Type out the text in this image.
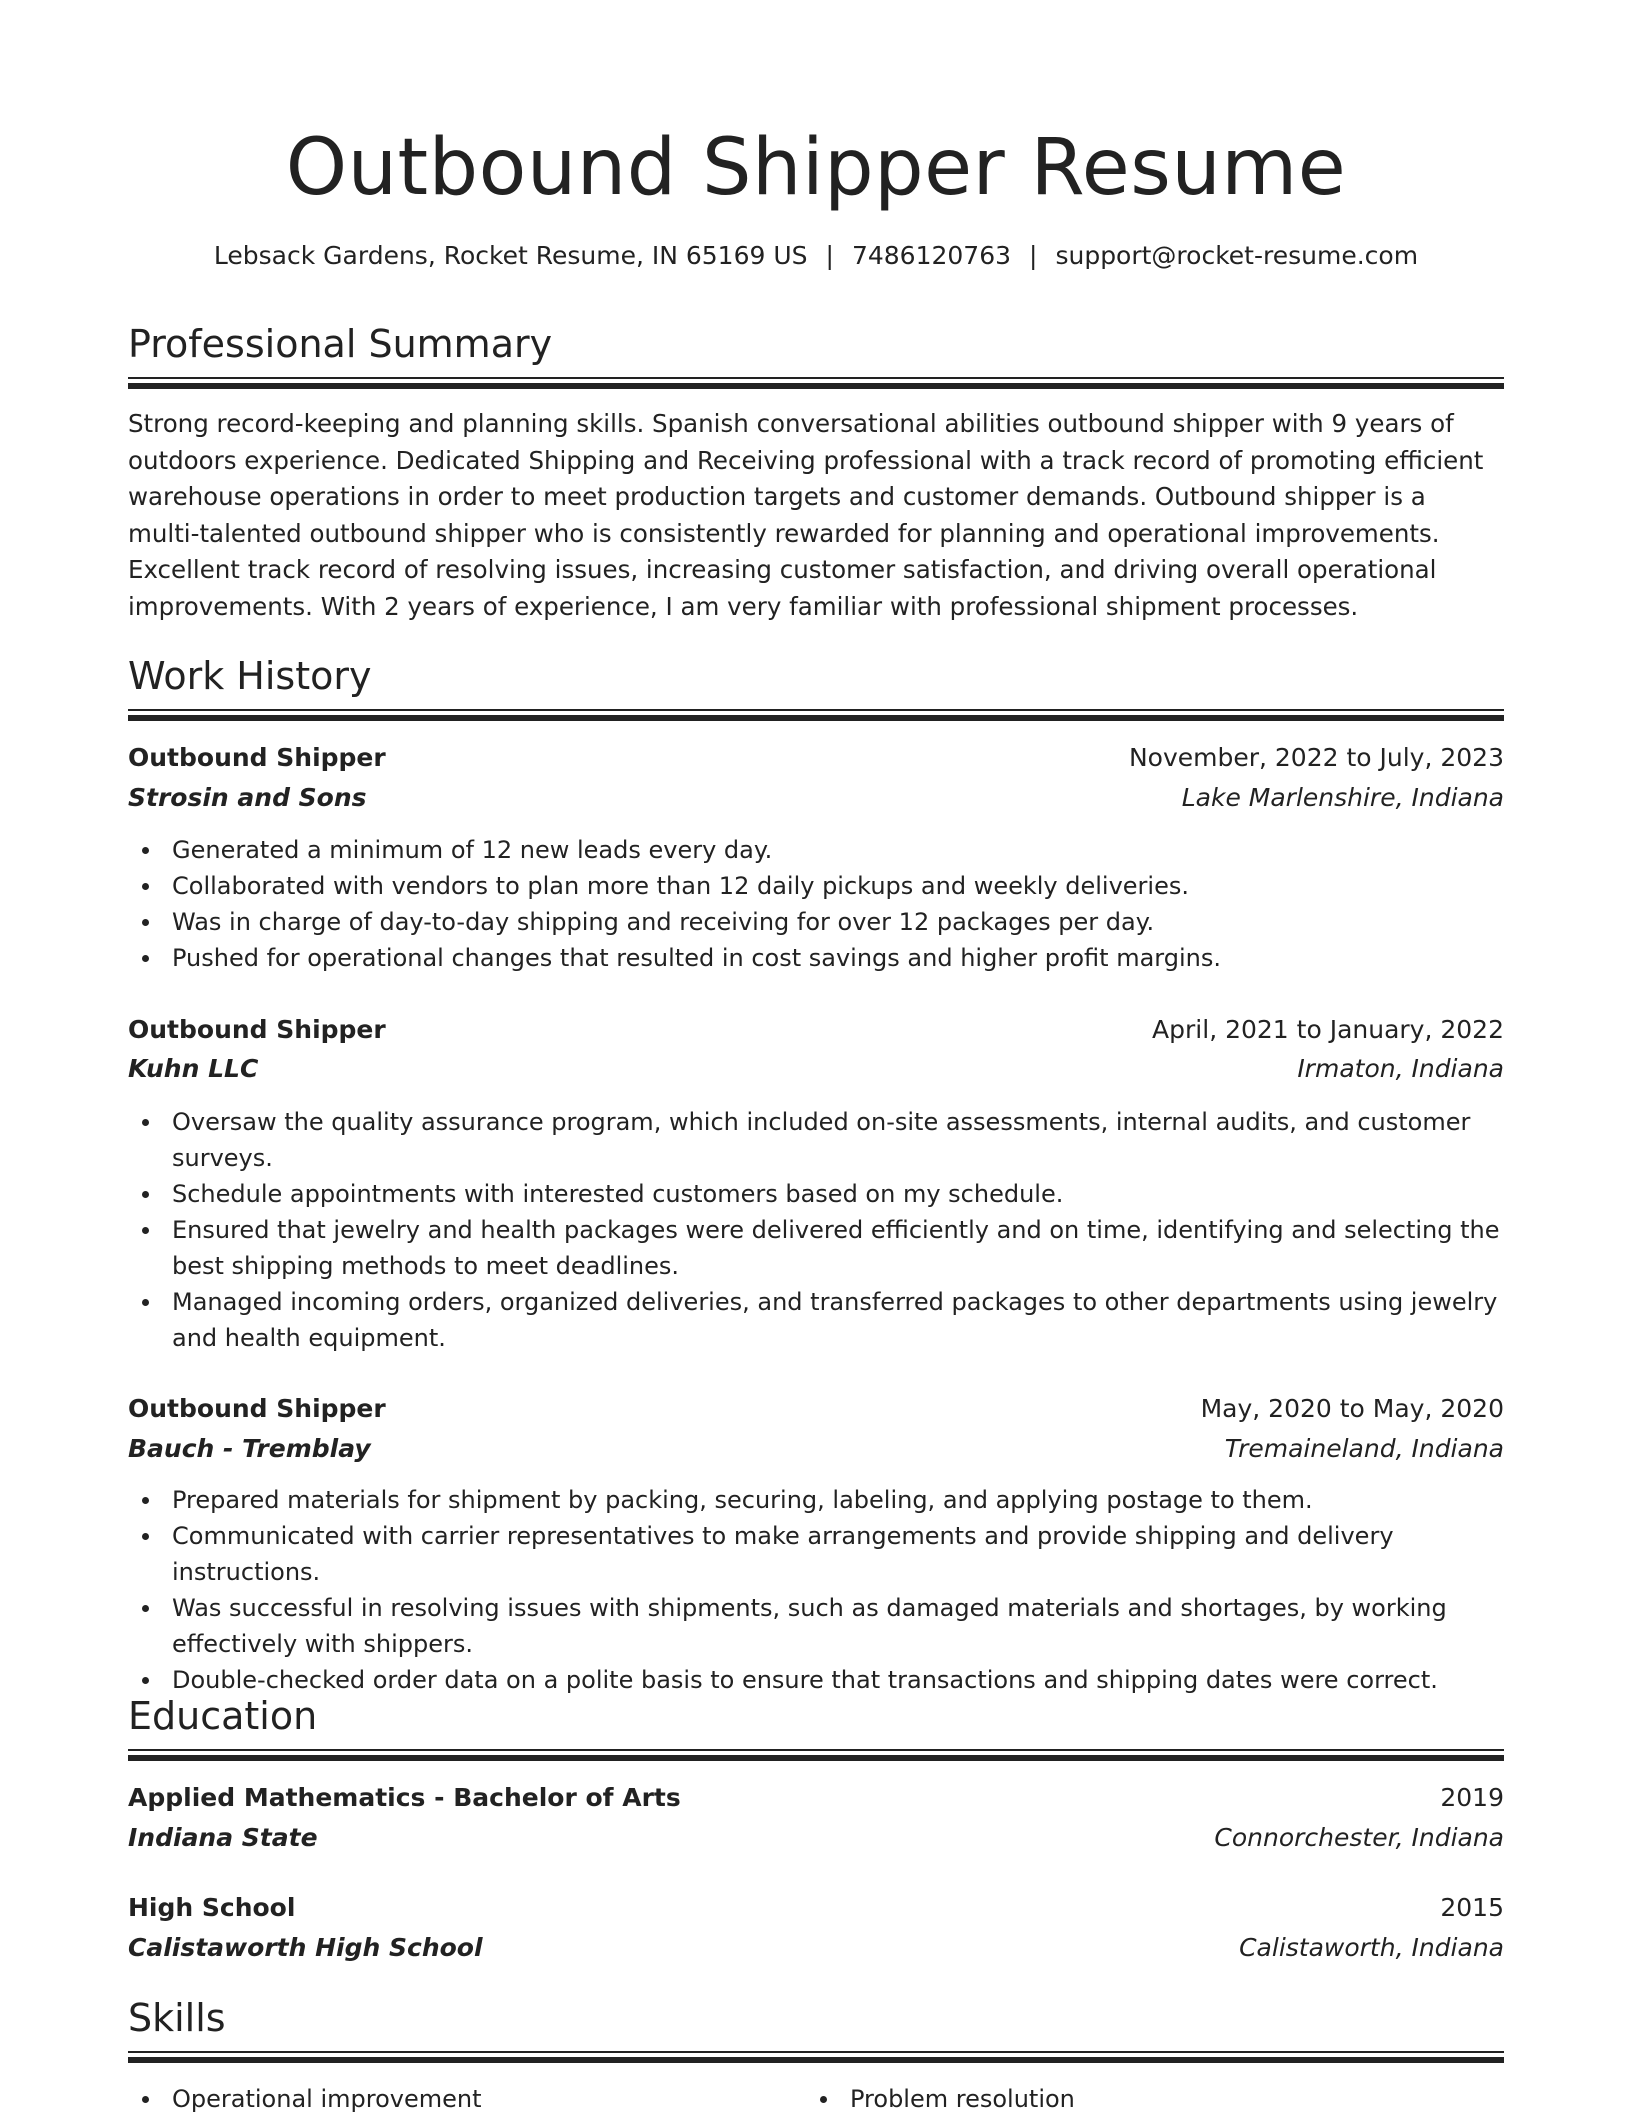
Outbound Shipper Resume
Lebsack Gardens, Rocket Resume, IN 65169 US | 7486120763 | support@rocket-resume.com
Professional Summary
Strong record-keeping and planning skills. Spanish conversational abilities outbound shipper with 9 years of outdoors experience. Dedicated Shipping and Receiving professional with a track record of promoting efficient warehouse operations in order to meet production targets and customer demands. Outbound shipper is a multi-talented outbound shipper who is consistently rewarded for planning and operational improvements. Excellent track record of resolving issues, increasing customer satisfaction, and driving overall operational improvements. With 2 years of experience, I am very familiar with professional shipment processes.
Work History
Outbound Shipper	November, 2022 to July, 2023
Strosin and Sons	Lake Marlenshire, Indiana
Generated a minimum of 12 new leads every day.
Collaborated with vendors to plan more than 12 daily pickups and weekly deliveries.
Was in charge of day-to-day shipping and receiving for over 12 packages per day.
Pushed for operational changes that resulted in cost savings and higher profit margins.
Outbound Shipper	April, 2021 to January, 2022
Kuhn LLC	Irmaton, Indiana
Oversaw the quality assurance program, which included on-site assessments, internal audits, and customer surveys.
Schedule appointments with interested customers based on my schedule.
Ensured that jewelry and health packages were delivered efficiently and on time, identifying and selecting the best shipping methods to meet deadlines.
Managed incoming orders, organized deliveries, and transferred packages to other departments using jewelry and health equipment.
Outbound Shipper	May, 2020 to May, 2020
Bauch - Tremblay	Tremaineland, Indiana
Prepared materials for shipment by packing, securing, labeling, and applying postage to them.
Communicated with carrier representatives to make arrangements and provide shipping and delivery instructions.
Was successful in resolving issues with shipments, such as damaged materials and shortages, by working effectively with shippers.
Double-checked order data on a polite basis to ensure that transactions and shipping dates were correct.
Education
Applied Mathematics - Bachelor of Arts	2019
Indiana State	Connorchester, Indiana
High School	2015
Calistaworth High School	Calistaworth, Indiana
Skills
Operational improvement	Problem resolution
